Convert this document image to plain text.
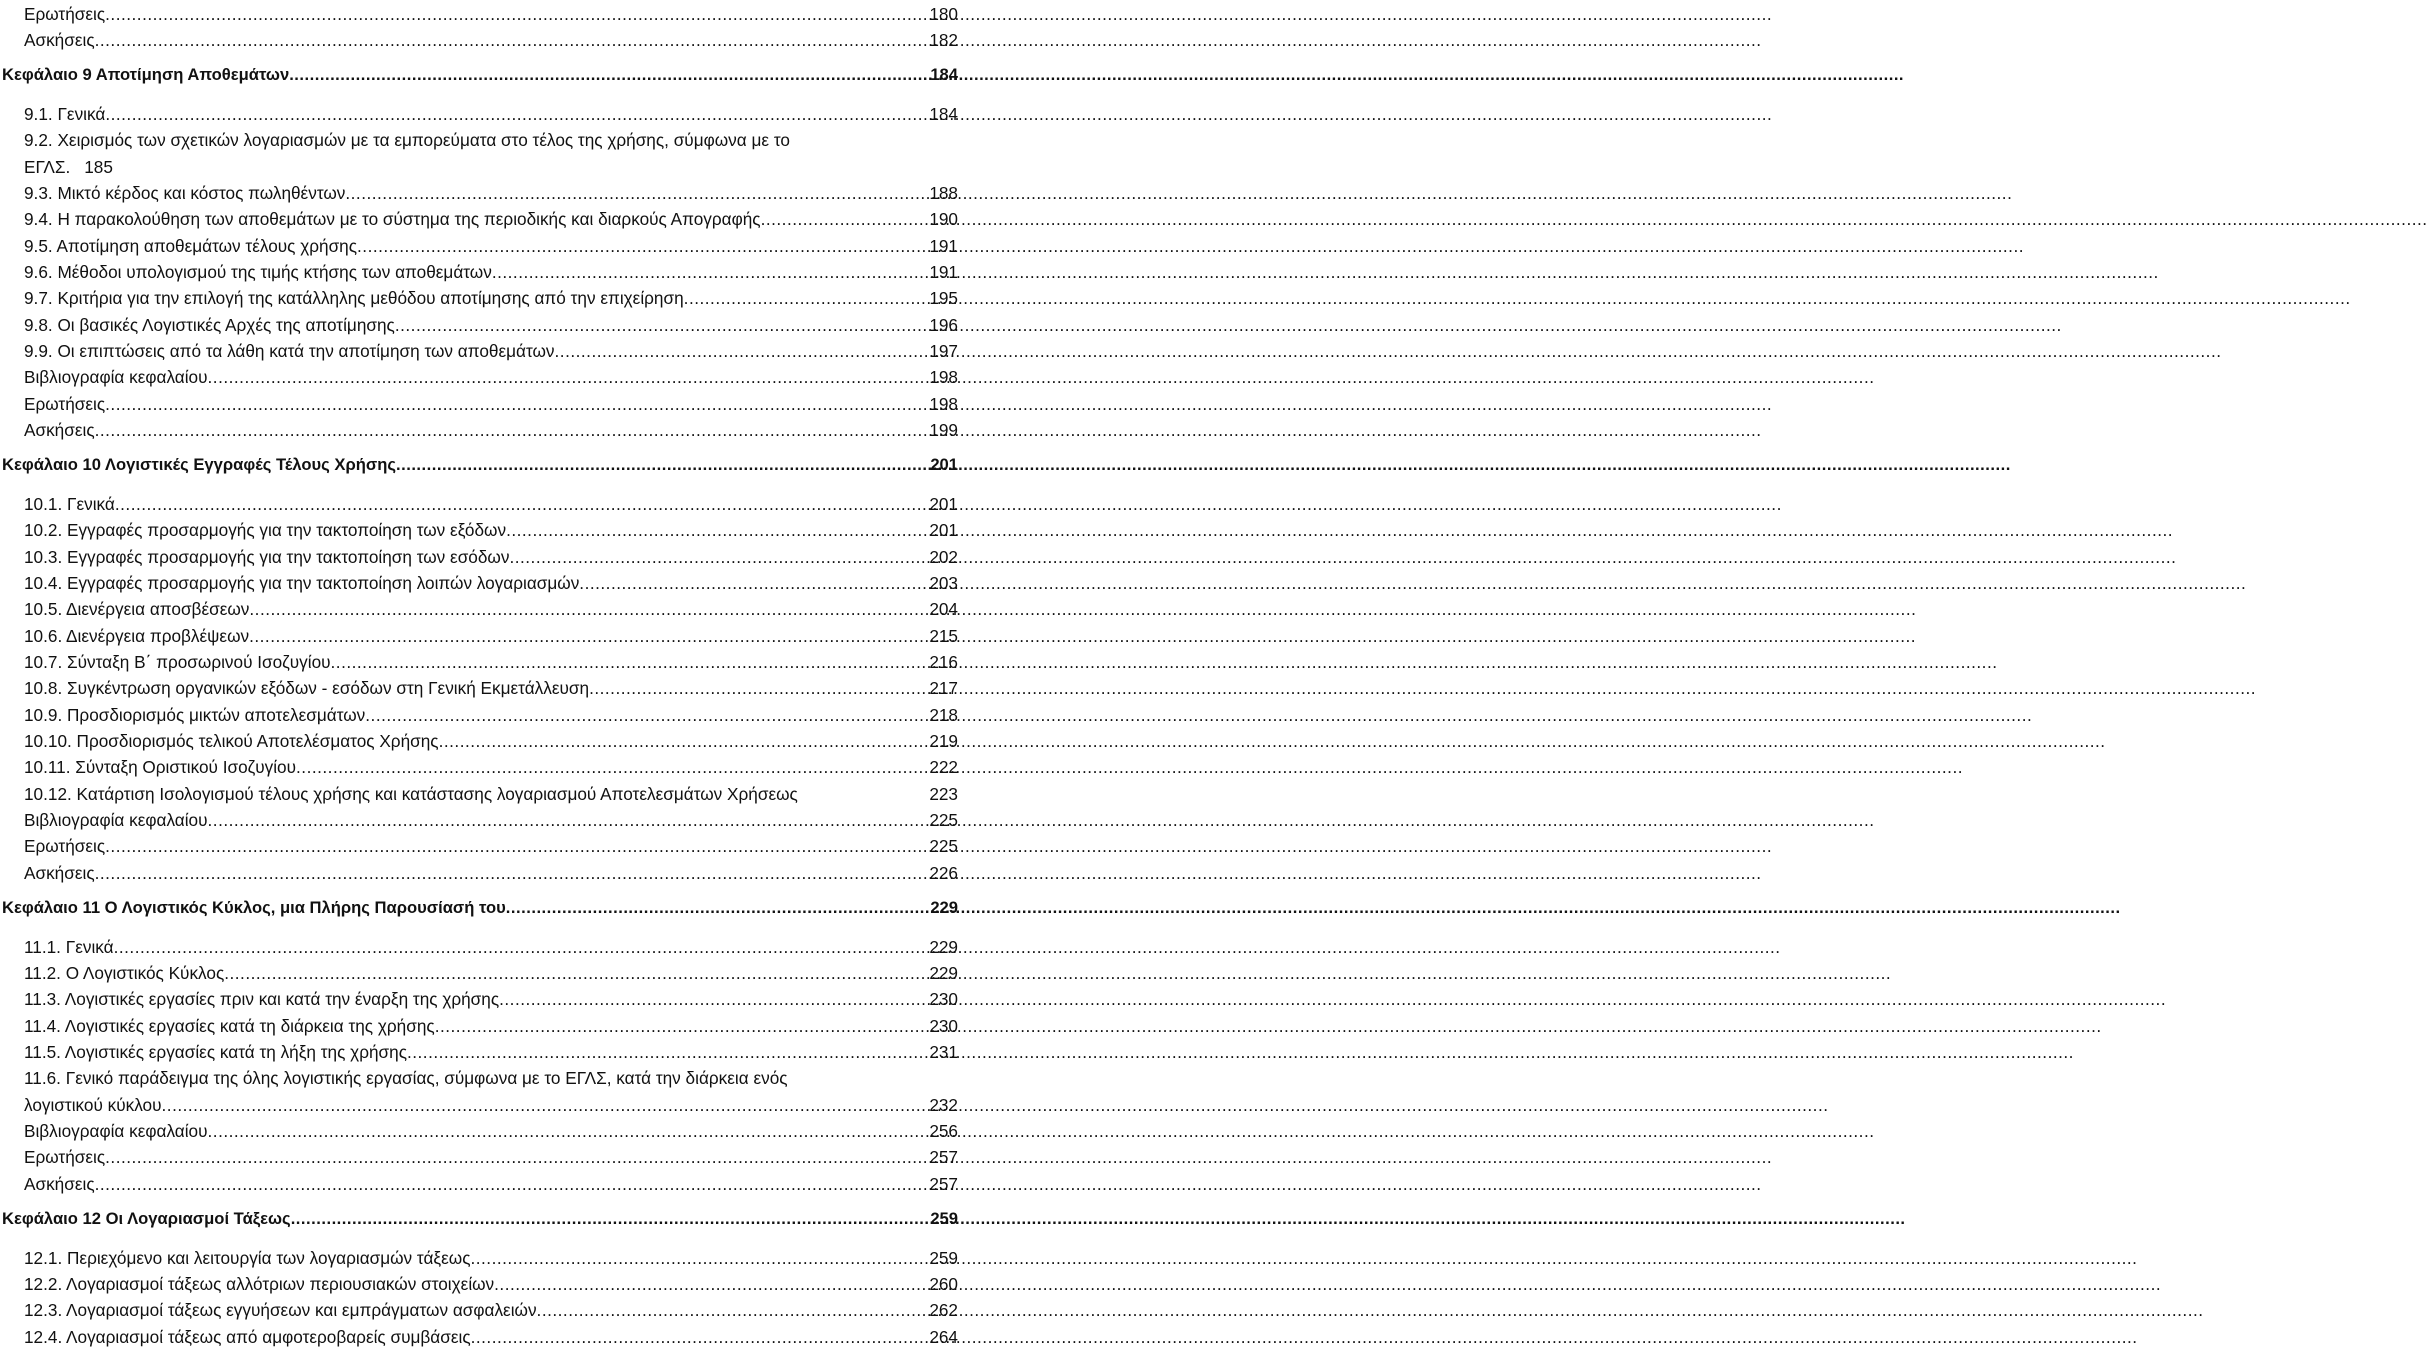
Ερωτήσεις .....	180
Ασκήσεις .....	182
Κεφάλαιο 9 Αποτίμηση Αποθεμάτων .....	184
9.1. Γενικά .....	184
9.2. Χειρισμός των σχετικών λογαριασμών με τα εμπορεύματα στο τέλος της χρήσης, σύμφωνα με το
ΕΓΛΣ. 185
9.3. Μικτό κέρδος και κόστος πωληθέντων .....	188
9.4. Η παρακολούθηση των αποθεμάτων με το σύστημα της περιοδικής και διαρκούς Απογραφής .....	190
9.5. Αποτίμηση αποθεμάτων τέλους χρήσης .....	191
9.6. Μέθοδοι υπολογισμού της τιμής κτήσης των αποθεμάτων .....	191
9.7. Κριτήρια για την επιλογή της κατάλληλης μεθόδου αποτίμησης από την επιχείρηση .....	195
9.8. Οι βασικές Λογιστικές Αρχές της αποτίμησης .....	196
9.9. Οι επιπτώσεις από τα λάθη κατά την αποτίμηση των αποθεμάτων .....	197
Βιβλιογραφία κεφαλαίου .....	198
Ερωτήσεις .....	198
Ασκήσεις .....	199
Κεφάλαιο 10 Λογιστικές Εγγραφές Τέλους Χρήσης .....	201
10.1. Γενικά .....	201
10.2. Εγγραφές προσαρμογής για την τακτοποίηση των εξόδων .....	201
10.3. Εγγραφές προσαρμογής για την τακτοποίηση των εσόδων .....	202
10.4. Εγγραφές προσαρμογής για την τακτοποίηση λοιπών λογαριασμών .....	203
10.5. Διενέργεια αποσβέσεων .....	204
10.6. Διενέργεια προβλέψεων .....	215
10.7. Σύνταξη Β΄ προσωρινού Ισοζυγίου .....	216
10.8. Συγκέντρωση οργανικών εξόδων - εσόδων στη Γενική Εκμετάλλευση .....	217
10.9. Προσδιορισμός μικτών αποτελεσμάτων .....	218
10.10. Προσδιορισμός τελικού Αποτελέσματος Χρήσης .....	219
10.11. Σύνταξη Οριστικού Ισοζυγίου .....	222
10.12. Κατάρτιση Ισολογισμού τέλους χρήσης και κατάστασης λογαριασμού Αποτελεσμάτων Χρήσεως	223
Βιβλιογραφία κεφαλαίου .....	225
Ερωτήσεις .....	225
Ασκήσεις .....	226
Κεφάλαιο 11 Ο Λογιστικός Κύκλος, μια Πλήρης Παρουσίασή του .....	229
11.1. Γενικά .....	229
11.2. Ο Λογιστικός Κύκλος .....	229
11.3. Λογιστικές εργασίες πριν και κατά την έναρξη της χρήσης .....	230
11.4. Λογιστικές εργασίες κατά τη διάρκεια της χρήσης .....	230
11.5. Λογιστικές εργασίες κατά τη λήξη της χρήσης .....	231
11.6. Γενικό παράδειγμα της όλης λογιστικής εργασίας, σύμφωνα με το ΕΓΛΣ, κατά την διάρκεια ενός
λογιστικού κύκλου .....	232
Βιβλιογραφία κεφαλαίου .....	256
Ερωτήσεις .....	257
Ασκήσεις .....	257
Κεφάλαιο 12 Οι Λογαριασμοί Τάξεως .....	259
12.1. Περιεχόμενο και λειτουργία των λογαριασμών τάξεως .....	259
12.2. Λογαριασμοί τάξεως αλλότριων περιουσιακών στοιχείων .....	260
12.3. Λογαριασμοί τάξεως εγγυήσεων και εμπράγματων ασφαλειών .....	262
12.4. Λογαριασμοί τάξεως από αμφοτεροβαρείς συμβάσεις .....	264
